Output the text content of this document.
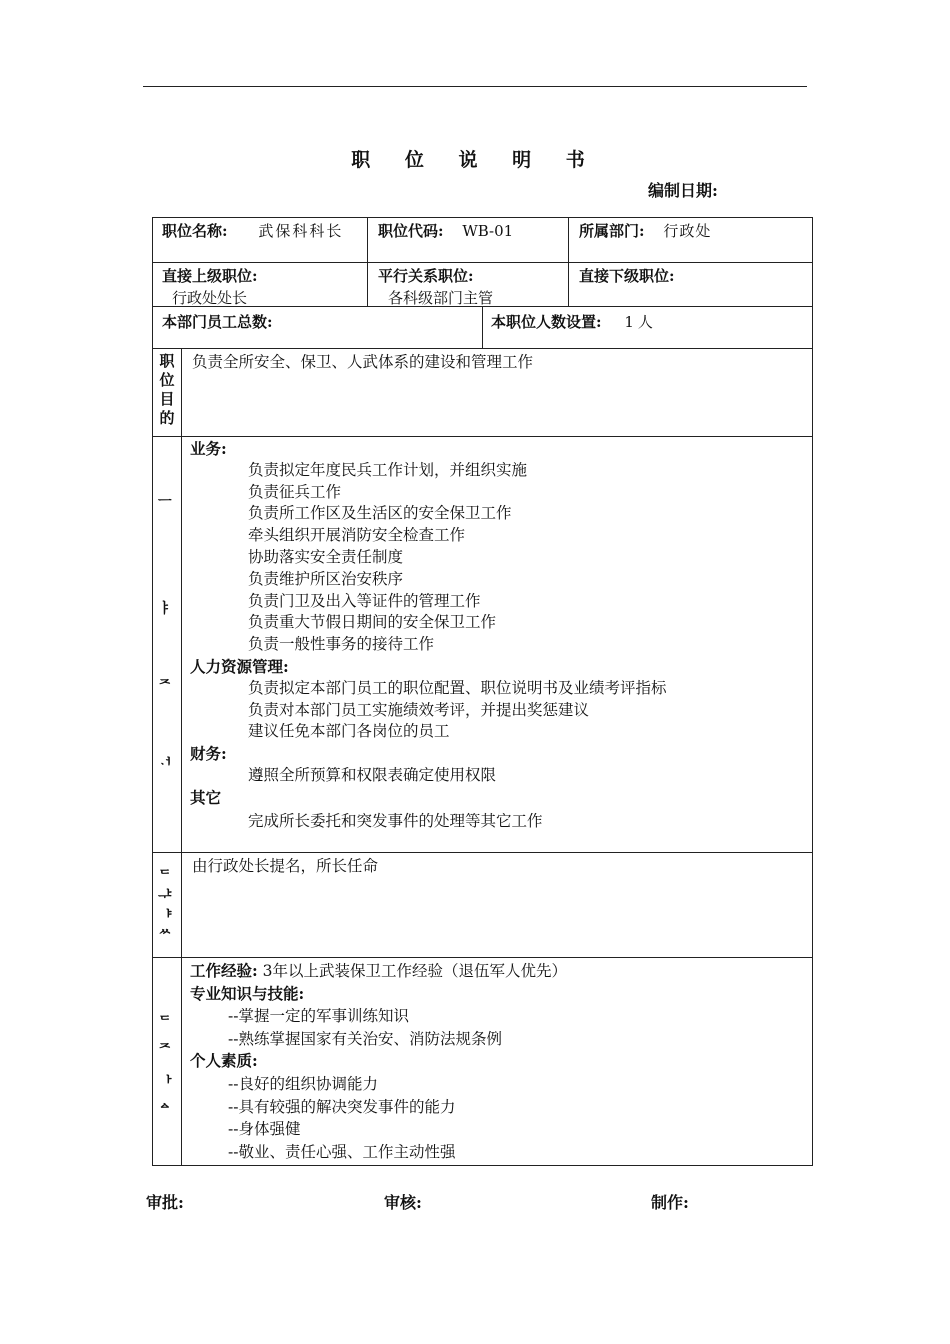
职 位 说 明 书
编制日期:
职位名称: 武保科科长	职位代码: WB-01	所属部门: 行政处
直接上级职位:
行政处处长
平行关系职位:
各科级部门主管
直接下级职位:
本部门员工总数:	本职位人数设置: 1人
职
位
目
的
负责全所安全、保卫、人武体系的建设和管理工作
ᅳ
ㅑ
ᄌ
ᆟ
业务:
负责拟定年度民兵工作计划，并组织实施
负责征兵工作
负责所工作区及生活区的安全保卫工作
牵头组织开展消防安全检查工作
协助落实安全责任制度
负责维护所区治安秩序
负责门卫及出入等证件的管理工作
负责重大节假日期间的安全保卫工作
负责一般性事务的接待工作
人力资源管理:
负责拟定本部门员工的职位配置、职位说明书及业绩考评指标
负责对本部门员工实施绩效考评，并提出奖惩建议
建议任免本部门各岗位的员工
财务:
遵照全所预算和权限表确定使用权限
其它
完成所长委托和突发事件的处理等其它工作
ᄃ
ᅷ
ᅣ
ᄊ
由行政处长提名，所长任命
ᄃ
ᄌ
ᅡ
ᅀ
工作经验: 3年以上武装保卫工作经验（退伍军人优先）
专业知识与技能:
--掌握一定的军事训练知识
--熟练掌握国家有关治安、消防法规条例
个人素质:
--良好的组织协调能力
--具有较强的解决突发事件的能力
--身体强健
--敬业、责任心强、工作主动性强
审批:	审核:	制作:
